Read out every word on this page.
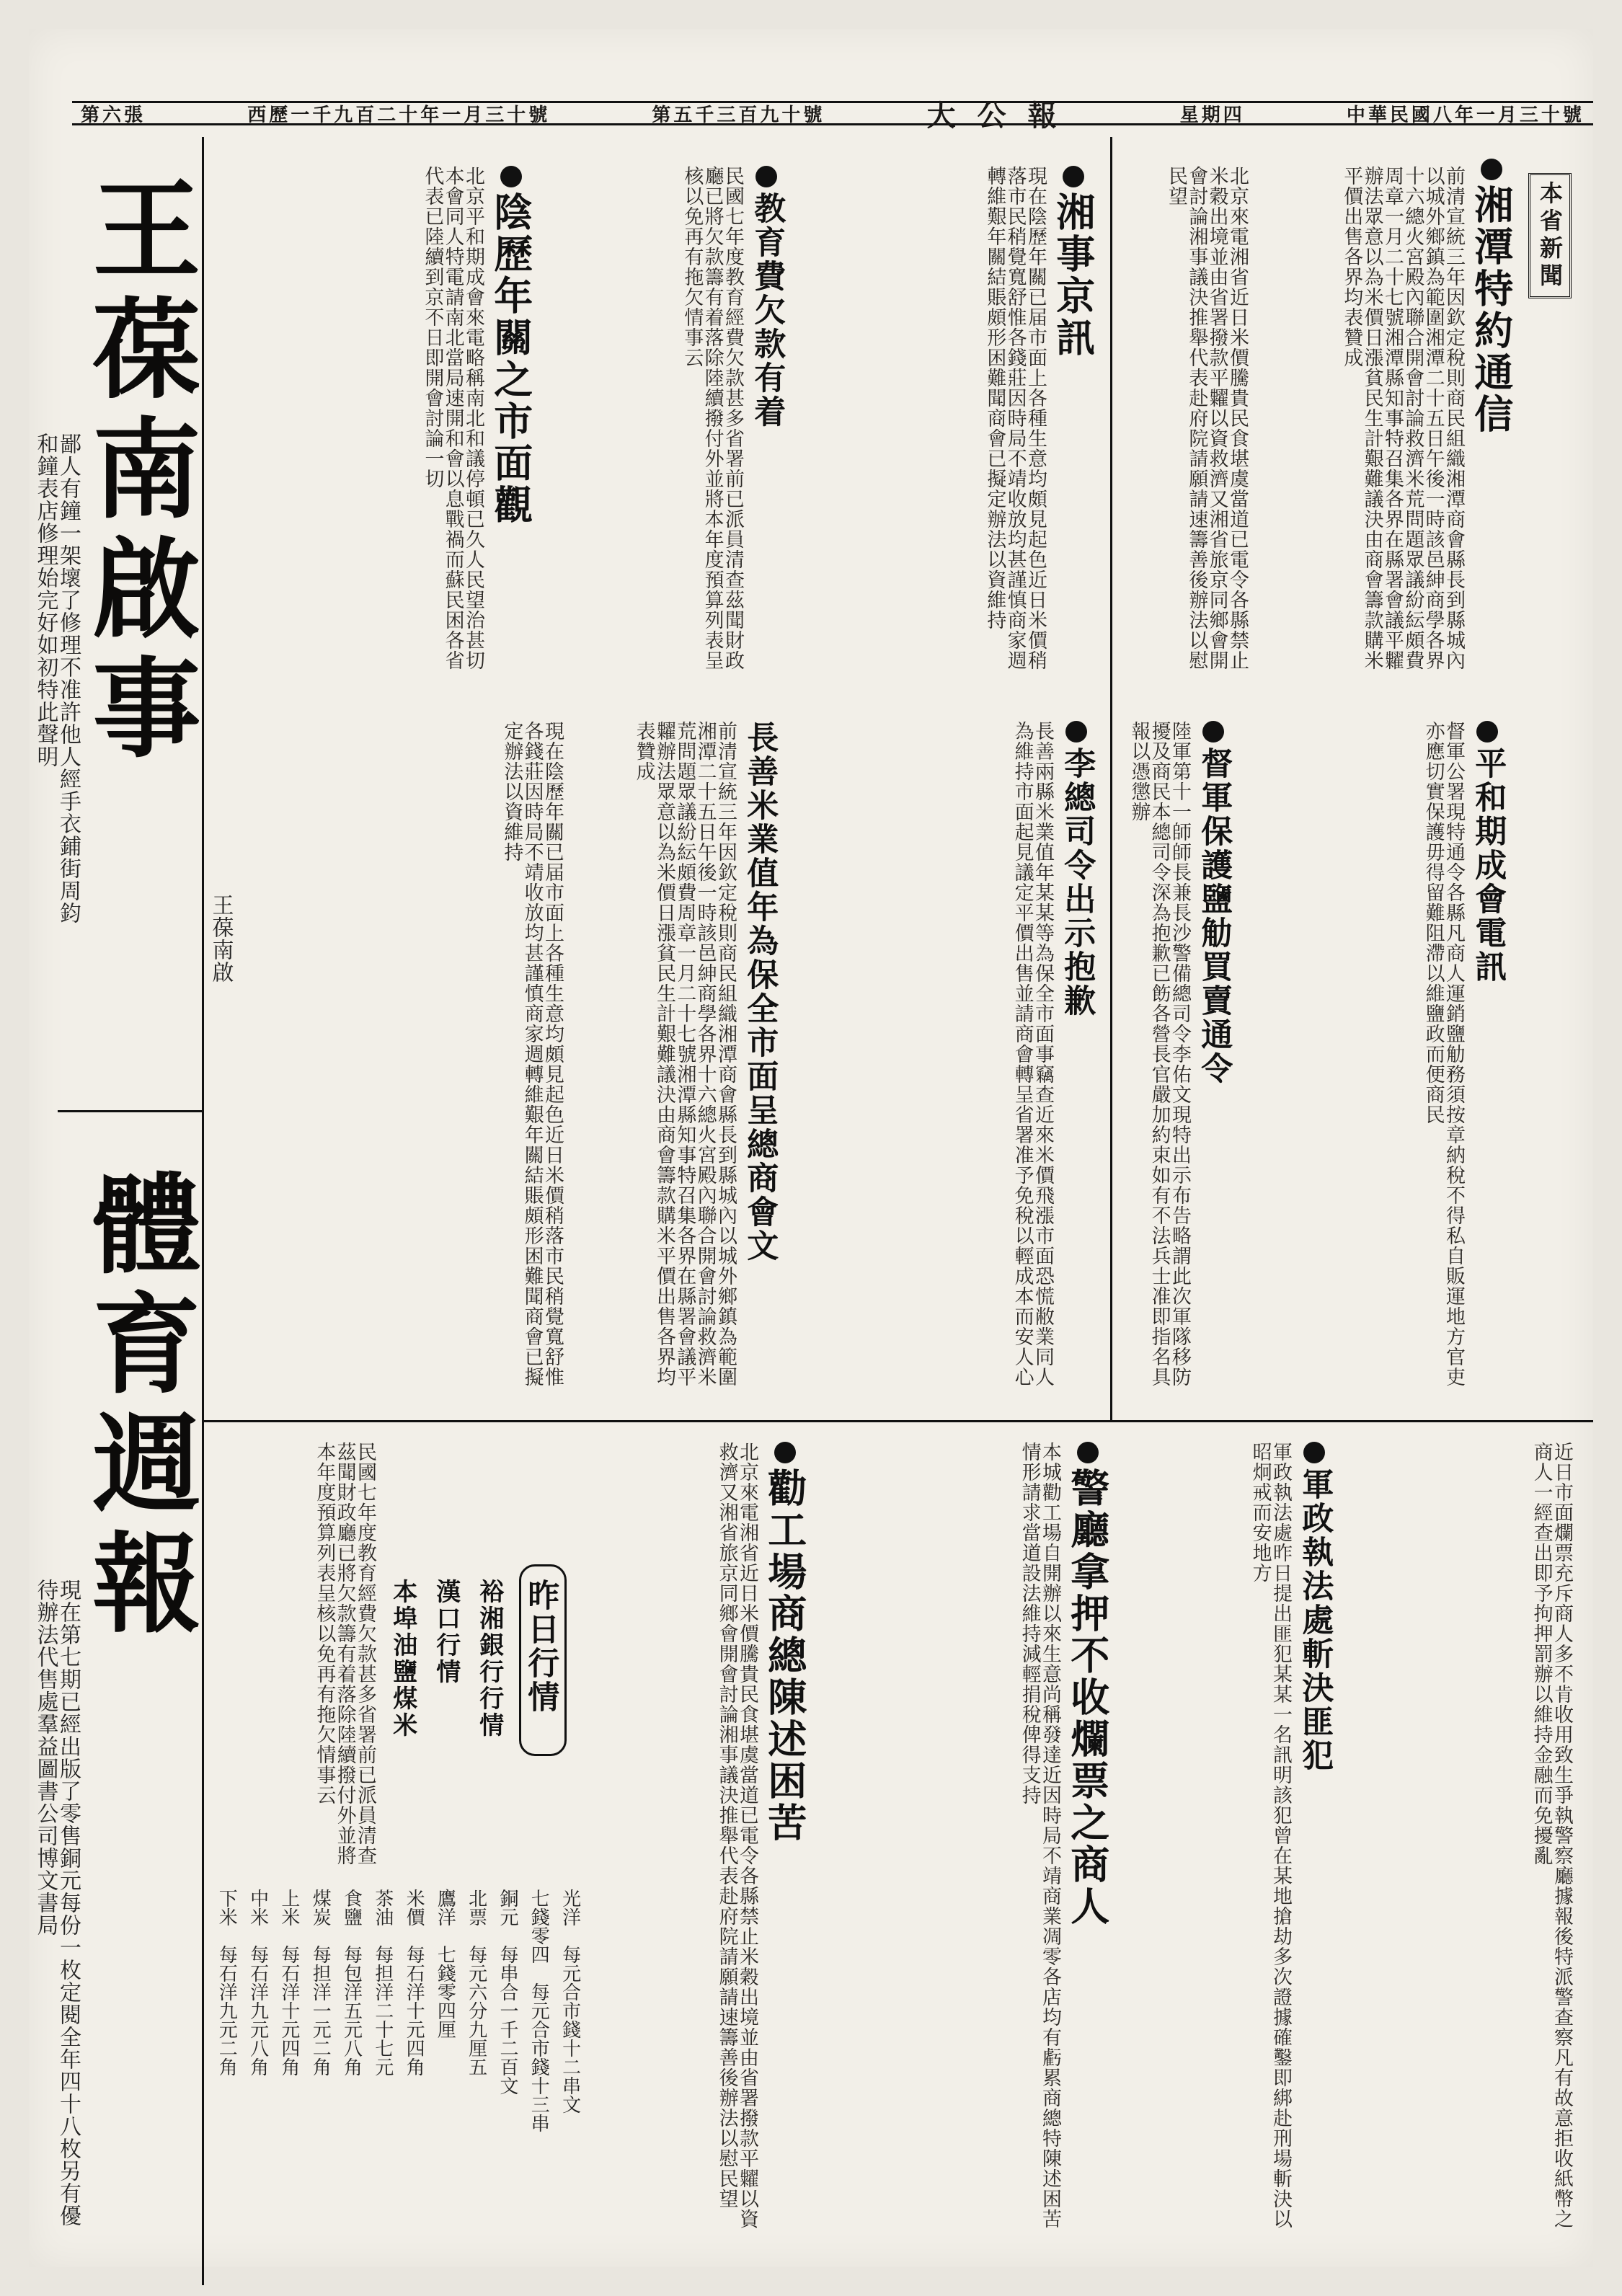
第六張	西歷一千九百二十年一月三十號	第五千三百九十號	大公報	星期四	中華民國八年一月三十號
本省新聞
湘潭特約通信
前清宣統三年因欽定稅則商民組織湘潭商會縣長到縣城內以城外鄉鎮為範圍湘潭二十五日午後一時該邑紳商學各界十六總火宮殿內聯合開會討論救濟米荒問題眾議紛紜頗費周章一月二十七號湘潭縣知事特召集各界在縣署會議平糶辦法眾意以為米價日漲貧民生計艱難議決由商會籌款購米平價出售各界均表贊成
北京來電湘省近日米價騰貴民食堪虞當道已電令各縣禁止米穀出境並由省署撥款平糶以資救濟又湘省旅京同鄉會開會討論湘事議決推舉代表赴府院請願請速籌善後辦法以慰民望
湘事京訊
現在陰歷年關已届市面上各種生意均頗見起色近日米價稍落市民稍覺寬舒惟各錢莊因時局不靖收放均甚謹慎商家週轉維艱年關結賬頗形困難聞商會已擬定辦法以資維持
教育費欠款有着
民國七年度教育經費欠款甚多省署前已派員清查茲聞財政廳已將欠款籌有着落除陸續撥付外並將本年度預算列表呈核以免再有拖欠情事云
王葆南啟事
鄙人有鐘一架壞了修理不准許他人經手衣鋪街周鈞和鐘表店修理始完好如初特此聲明
王葆南啟
體育週報
現在第七期已經出版了零售銅元每份一枚定閱全年四十八枚另有優待辦法代售處羣益圖書公司博文書局
陰歷年關之市面觀
北京平和期成會來電略稱南北和議停頓已久人民望治甚切本會同人特電請南北當局速開和會以息戰禍而蘇民困各省代表已陸續到京不日即開會討論一切
平和期成會電訊
督軍公署現特通令各縣凡商人運銷鹽觔務須按章納稅不得私自販運地方官吏亦應切實保護毋得留難阻滯以維鹽政而便商民
督軍保護鹽觔買賣通令
陸軍第十一師師長兼長沙警備總司令李佑文現特出示布告略謂此次軍隊移防擾及商民本總司令深為抱歉已飭各營長官嚴加約束如有不法兵士准即指名具報以憑懲辦
李總司令出示抱歉
長善兩縣米業值年某某等為保全市面事竊查近來米價飛漲市面恐慌敝業同人為維持市面起見議定平價出售並請商會轉呈省署准予免稅以輕成本而安人心
長善米業值年為保全市面呈總商會文
前清宣統三年因欽定稅則商民組織湘潭商會縣長到縣城內以城外鄉鎮為範圍湘潭二十五日午後一時該邑紳商學各界十六總火宮殿內聯合開會討論救濟米荒問題眾議紛紜頗費周章一月二十七號湘潭縣知事特召集各界在縣署會議平糶辦法眾意以為米價日漲貧民生計艱難議決由商會籌款購米平價出售各界均表贊成
現在陰歷年關已届市面上各種生意均頗見起色近日米價稍落市民稍覺寬舒惟各錢莊因時局不靖收放均甚謹慎商家週轉維艱年關結賬頗形困難聞商會已擬定辦法以資維持
近日市面爛票充斥商人多不肯收用致生爭執警察廳據報後特派警查察凡有故意拒收紙幣之商人一經查出即予拘押罰辦以維持金融而免擾亂
軍政執法處斬決匪犯
軍政執法處昨日提出匪犯某某一名訊明該犯曾在某地搶劫多次證據確鑿即綁赴刑場斬決以昭炯戒而安地方
警廳拿押不收爛票之商人
本城勸工場自開辦以來生意尚稱發達近因時局不靖商業凋零各店均有虧累商總特陳述困苦情形請求當道設法維持減輕捐稅俾得支持
勸工場商總陳述困苦
北京來電湘省近日米價騰貴民食堪虞當道已電令各縣禁止米穀出境並由省署撥款平糶以資救濟又湘省旅京同鄉會開會討論湘事議決推舉代表赴府院請願請速籌善後辦法以慰民望
昨日行情
裕湘銀行行情
漢口行情
本埠油鹽煤米
光洋　每元合市錢十二串文
七錢零四　每元合市錢十三串
銅元　每串合一千二百文
北票　每元六分九厘五
鷹洋　七錢零四厘
米價　每石洋十元四角
茶油　每担洋二十七元
食鹽　每包洋五元八角
煤炭　每担洋一元二角
上米　每石洋十元四角
中米　每石洋九元八角
下米　每石洋九元二角
民國七年度教育經費欠款甚多省署前已派員清查茲聞財政廳已將欠款籌有着落除陸續撥付外並將本年度預算列表呈核以免再有拖欠情事云
